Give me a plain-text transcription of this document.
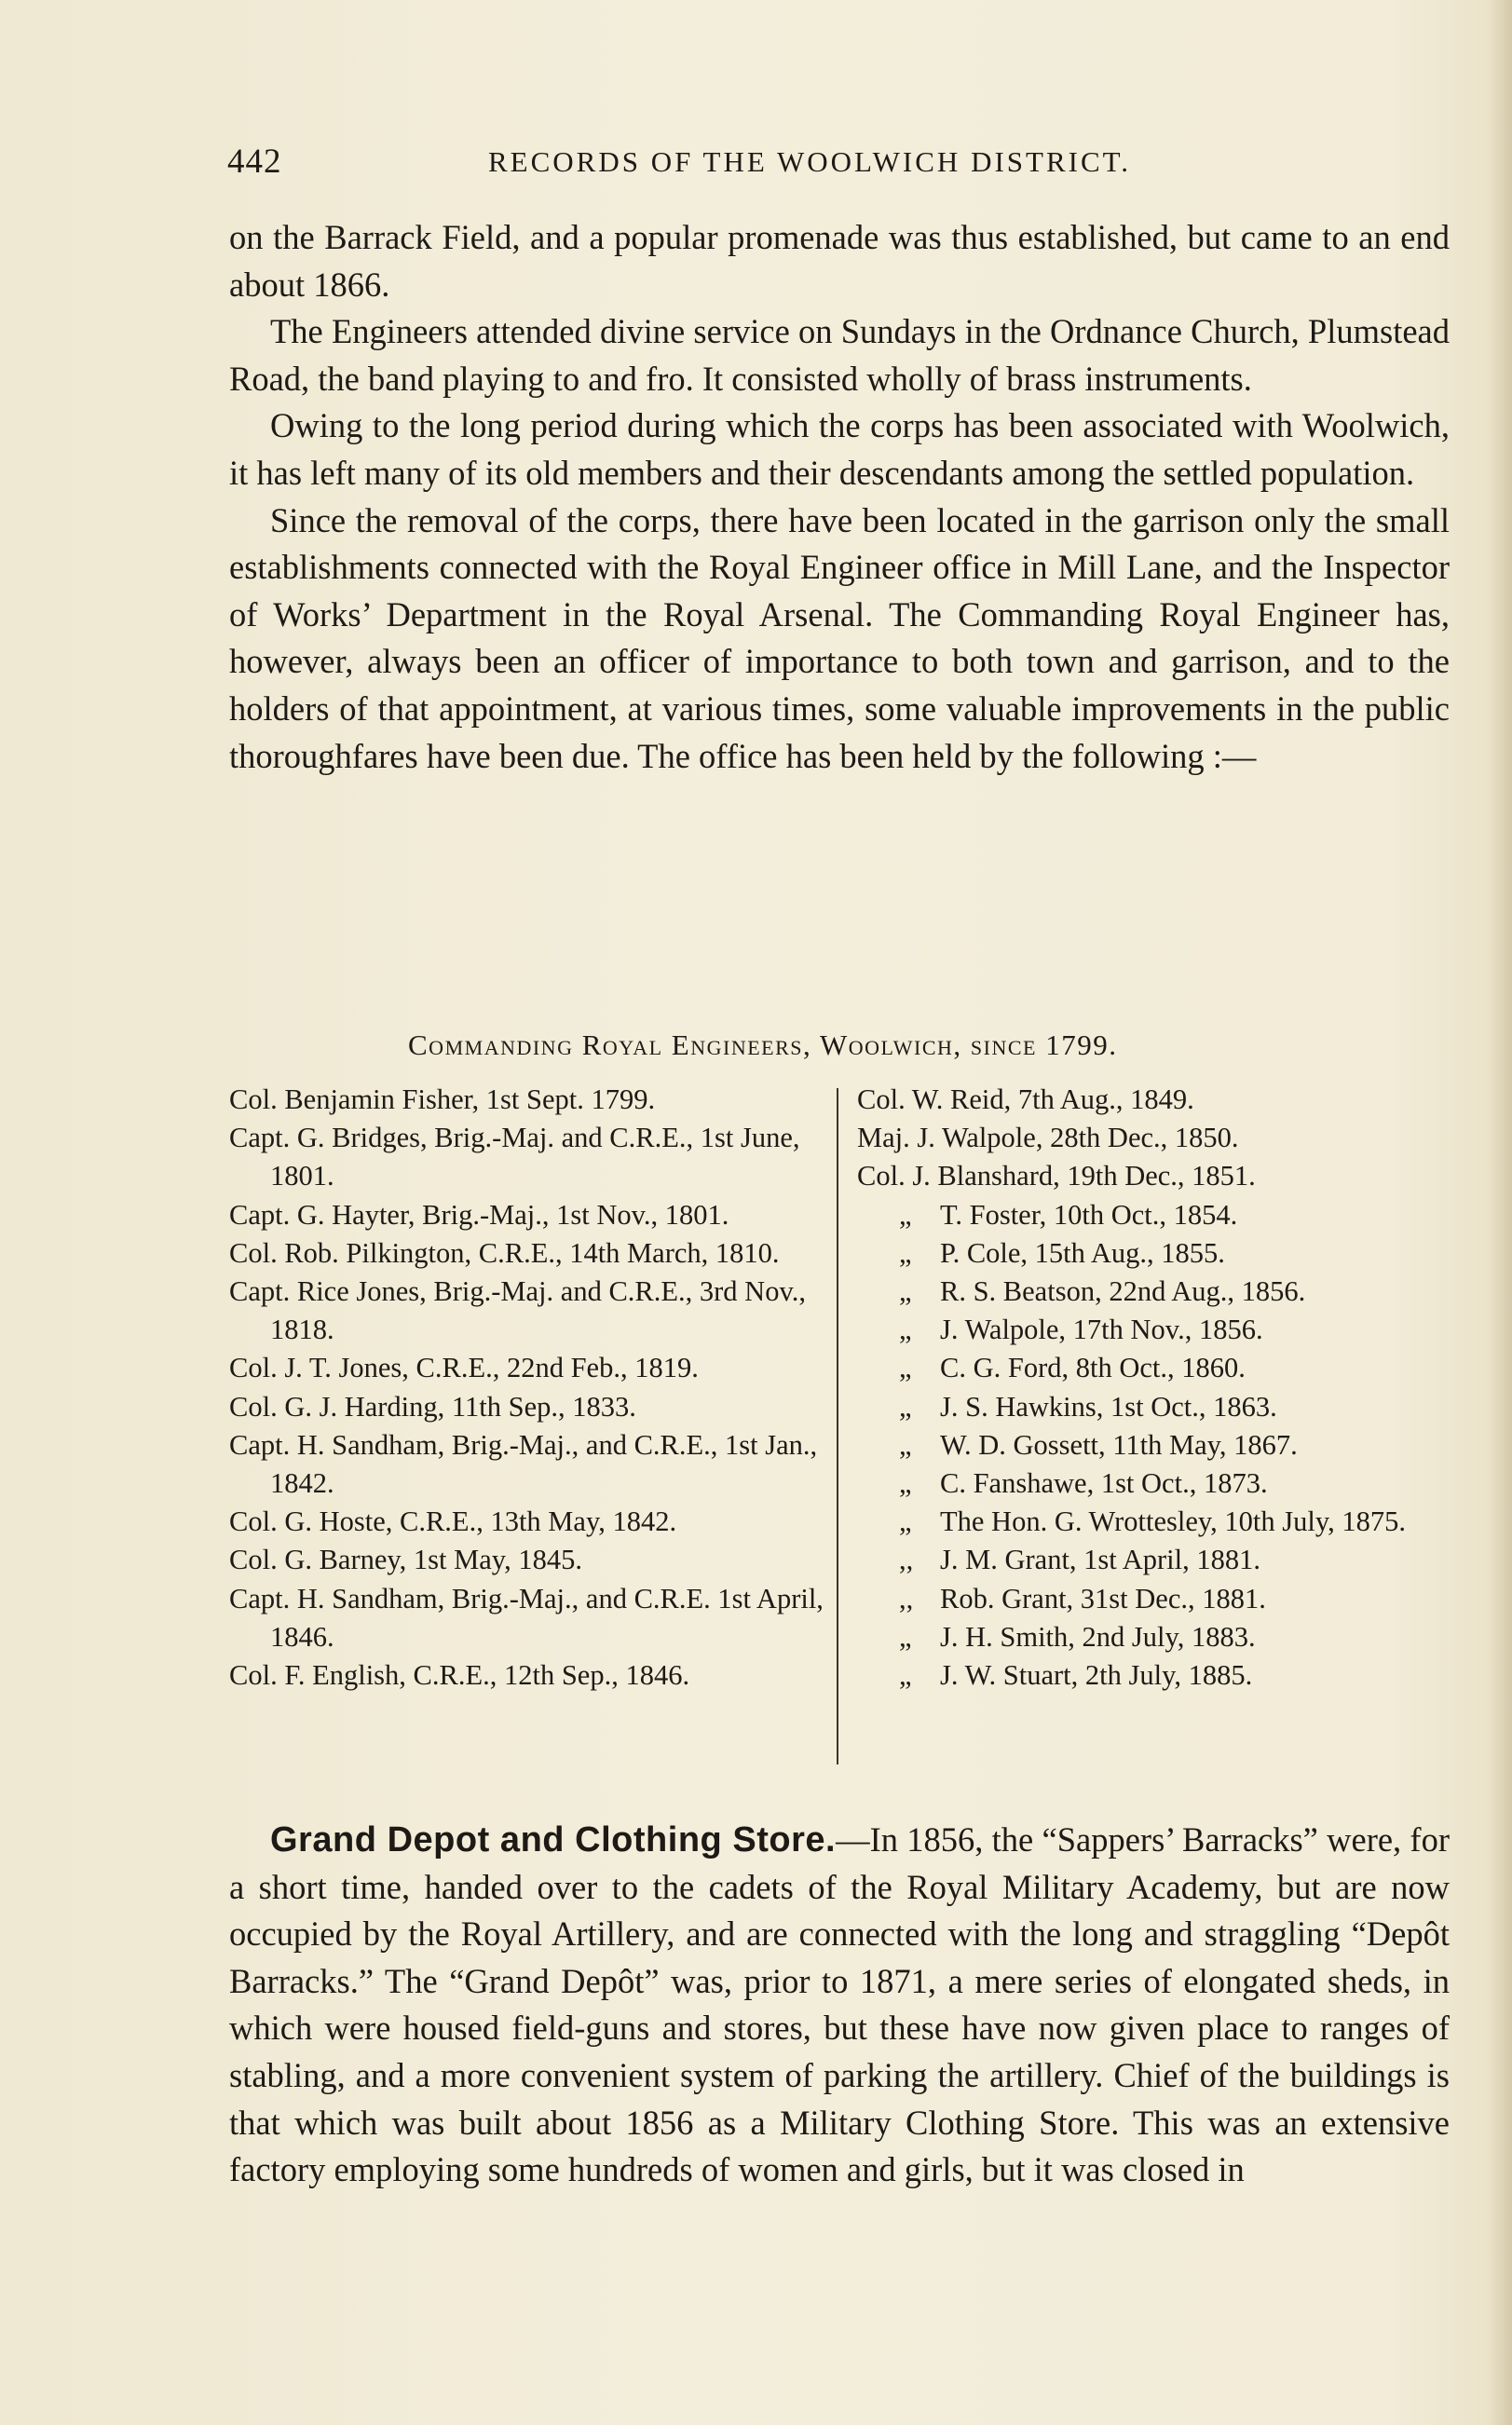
442	RECORDS OF THE WOOLWICH DISTRICT.

on the Barrack Field, and a popular promenade was thus established, but came to an end about 1866.

The Engineers attended divine service on Sundays in the Ordnance Church, Plumstead Road, the band playing to and fro. It consisted wholly of brass instruments.

Owing to the long period during which the corps has been associated with Woolwich, it has left many of its old members and their descendants among the settled population.

Since the removal of the corps, there have been located in the garrison only the small establishments connected with the Royal Engineer office in Mill Lane, and the Inspector of Works’ Department in the Royal Arsenal. The Commanding Royal Engineer has, however, always been an officer of importance to both town and garrison, and to the holders of that appointment, at various times, some valuable improvements in the public thoroughfares have been due. The office has been held by the following :—

Commanding Royal Engineers, Woolwich, since 1799.
Col. Benjamin Fisher, 1st Sept. 1799.
Capt. G. Bridges, Brig.-Maj. and C.R.E., 1st June, 1801.
Capt. G. Hayter, Brig.-Maj., 1st Nov., 1801.
Col. Rob. Pilkington, C.R.E., 14th March, 1810.
Capt. Rice Jones, Brig.-Maj. and C.R.E., 3rd Nov., 1818.
Col. J. T. Jones, C.R.E., 22nd Feb., 1819.
Col. G. J. Harding, 11th Sep., 1833.
Capt. H. Sandham, Brig.-Maj., and C.R.E., 1st Jan., 1842.
Col. G. Hoste, C.R.E., 13th May, 1842.
Col. G. Barney, 1st May, 1845.
Capt. H. Sandham, Brig.-Maj., and C.R.E. 1st April, 1846.
Col. F. English, C.R.E., 12th Sep., 1846.
Col. W. Reid, 7th Aug., 1849.
Maj. J. Walpole, 28th Dec., 1850.
Col. J. Blanshard, 19th Dec., 1851.
„ T. Foster, 10th Oct., 1854.
„ P. Cole, 15th Aug., 1855.
„ R. S. Beatson, 22nd Aug., 1856.
„ J. Walpole, 17th Nov., 1856.
„ C. G. Ford, 8th Oct., 1860.
„ J. S. Hawkins, 1st Oct., 1863.
„ W. D. Gossett, 11th May, 1867.
„ C. Fanshawe, 1st Oct., 1873.
„ The Hon. G. Wrottesley, 10th July, 1875.
,, J. M. Grant, 1st April, 1881.
,, Rob. Grant, 31st Dec., 1881.
„ J. H. Smith, 2nd July, 1883.
„ J. W. Stuart, 2th July, 1885.

Grand Depot and Clothing Store.—In 1856, the “Sappers’ Barracks” were, for a short time, handed over to the cadets of the Royal Military Academy, but are now occupied by the Royal Artillery, and are connected with the long and straggling “Depôt Barracks.” The “Grand Depôt” was, prior to 1871, a mere series of elongated sheds, in which were housed field-guns and stores, but these have now given place to ranges of stabling, and a more convenient system of parking the artillery. Chief of the buildings is that which was built about 1856 as a Military Clothing Store. This was an extensive factory employing some hundreds of women and girls, but it was closed in
